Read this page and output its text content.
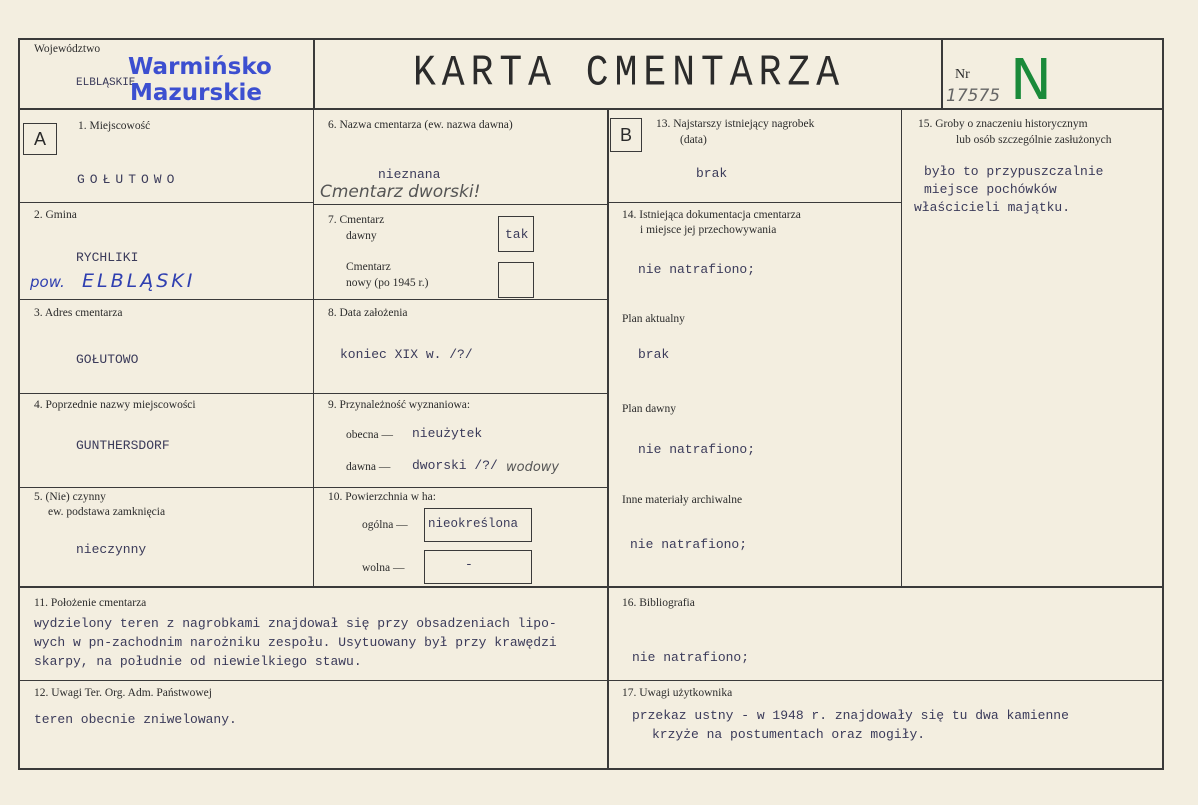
Województwo
ELBLĄSKIE
Warmińsko
Mazurskie	KARTA CMENTARZA	Nr
17575 N
A	B
1. Miejscowość
GOŁUTOWO
2. Gmina
RYCHLIKI
pow. ELBLĄSKI
3. Adres cmentarza
GOŁUTOWO
4. Poprzednie nazwy miejscowości
GUNTHERSDORF
5. (Nie) czynny
ew. podstawa zamknięcia
nieczynny
6. Nazwa cmentarza (ew. nazwa dawna)
nieznana
Cmentarz dworski!
7. Cmentarz
dawny	tak
Cmentarz
nowy (po 1945 r.)
8. Data założenia
koniec XIX w. /?/
9. Przynależność wyznaniowa:
obecna — nieużytek
dawna — dworski /?/ wodowy
10. Powierzchnia w ha:
ogólna — nieokreślona
wolna —	-
13. Najstarszy istniejący nagrobek
(data)
brak
14. Istniejąca dokumentacja cmentarza
i miejsce jej przechowywania
nie natrafiono;
Plan aktualny
brak
Plan dawny
nie natrafiono;
Inne materiały archiwalne
nie natrafiono;
15. Groby o znaczeniu historycznym
lub osób szczególnie zasłużonych
było to przypuszczalnie
miejsce pochówków
właścicieli majątku.
11. Położenie cmentarza
wydzielony teren z nagrobkami znajdował się przy obsadzeniach lipo-
wych w pn-zachodnim narożniku zespołu. Usytuowany był przy krawędzi
skarpy, na południe od niewielkiego stawu.
16. Bibliografia
nie natrafiono;
12. Uwagi Ter. Org. Adm. Państwowej
teren obecnie zniwelowany.
17. Uwagi użytkownika
przekaz ustny - w 1948 r. znajdowały się tu dwa kamienne
krzyże na postumentach oraz mogiły.
